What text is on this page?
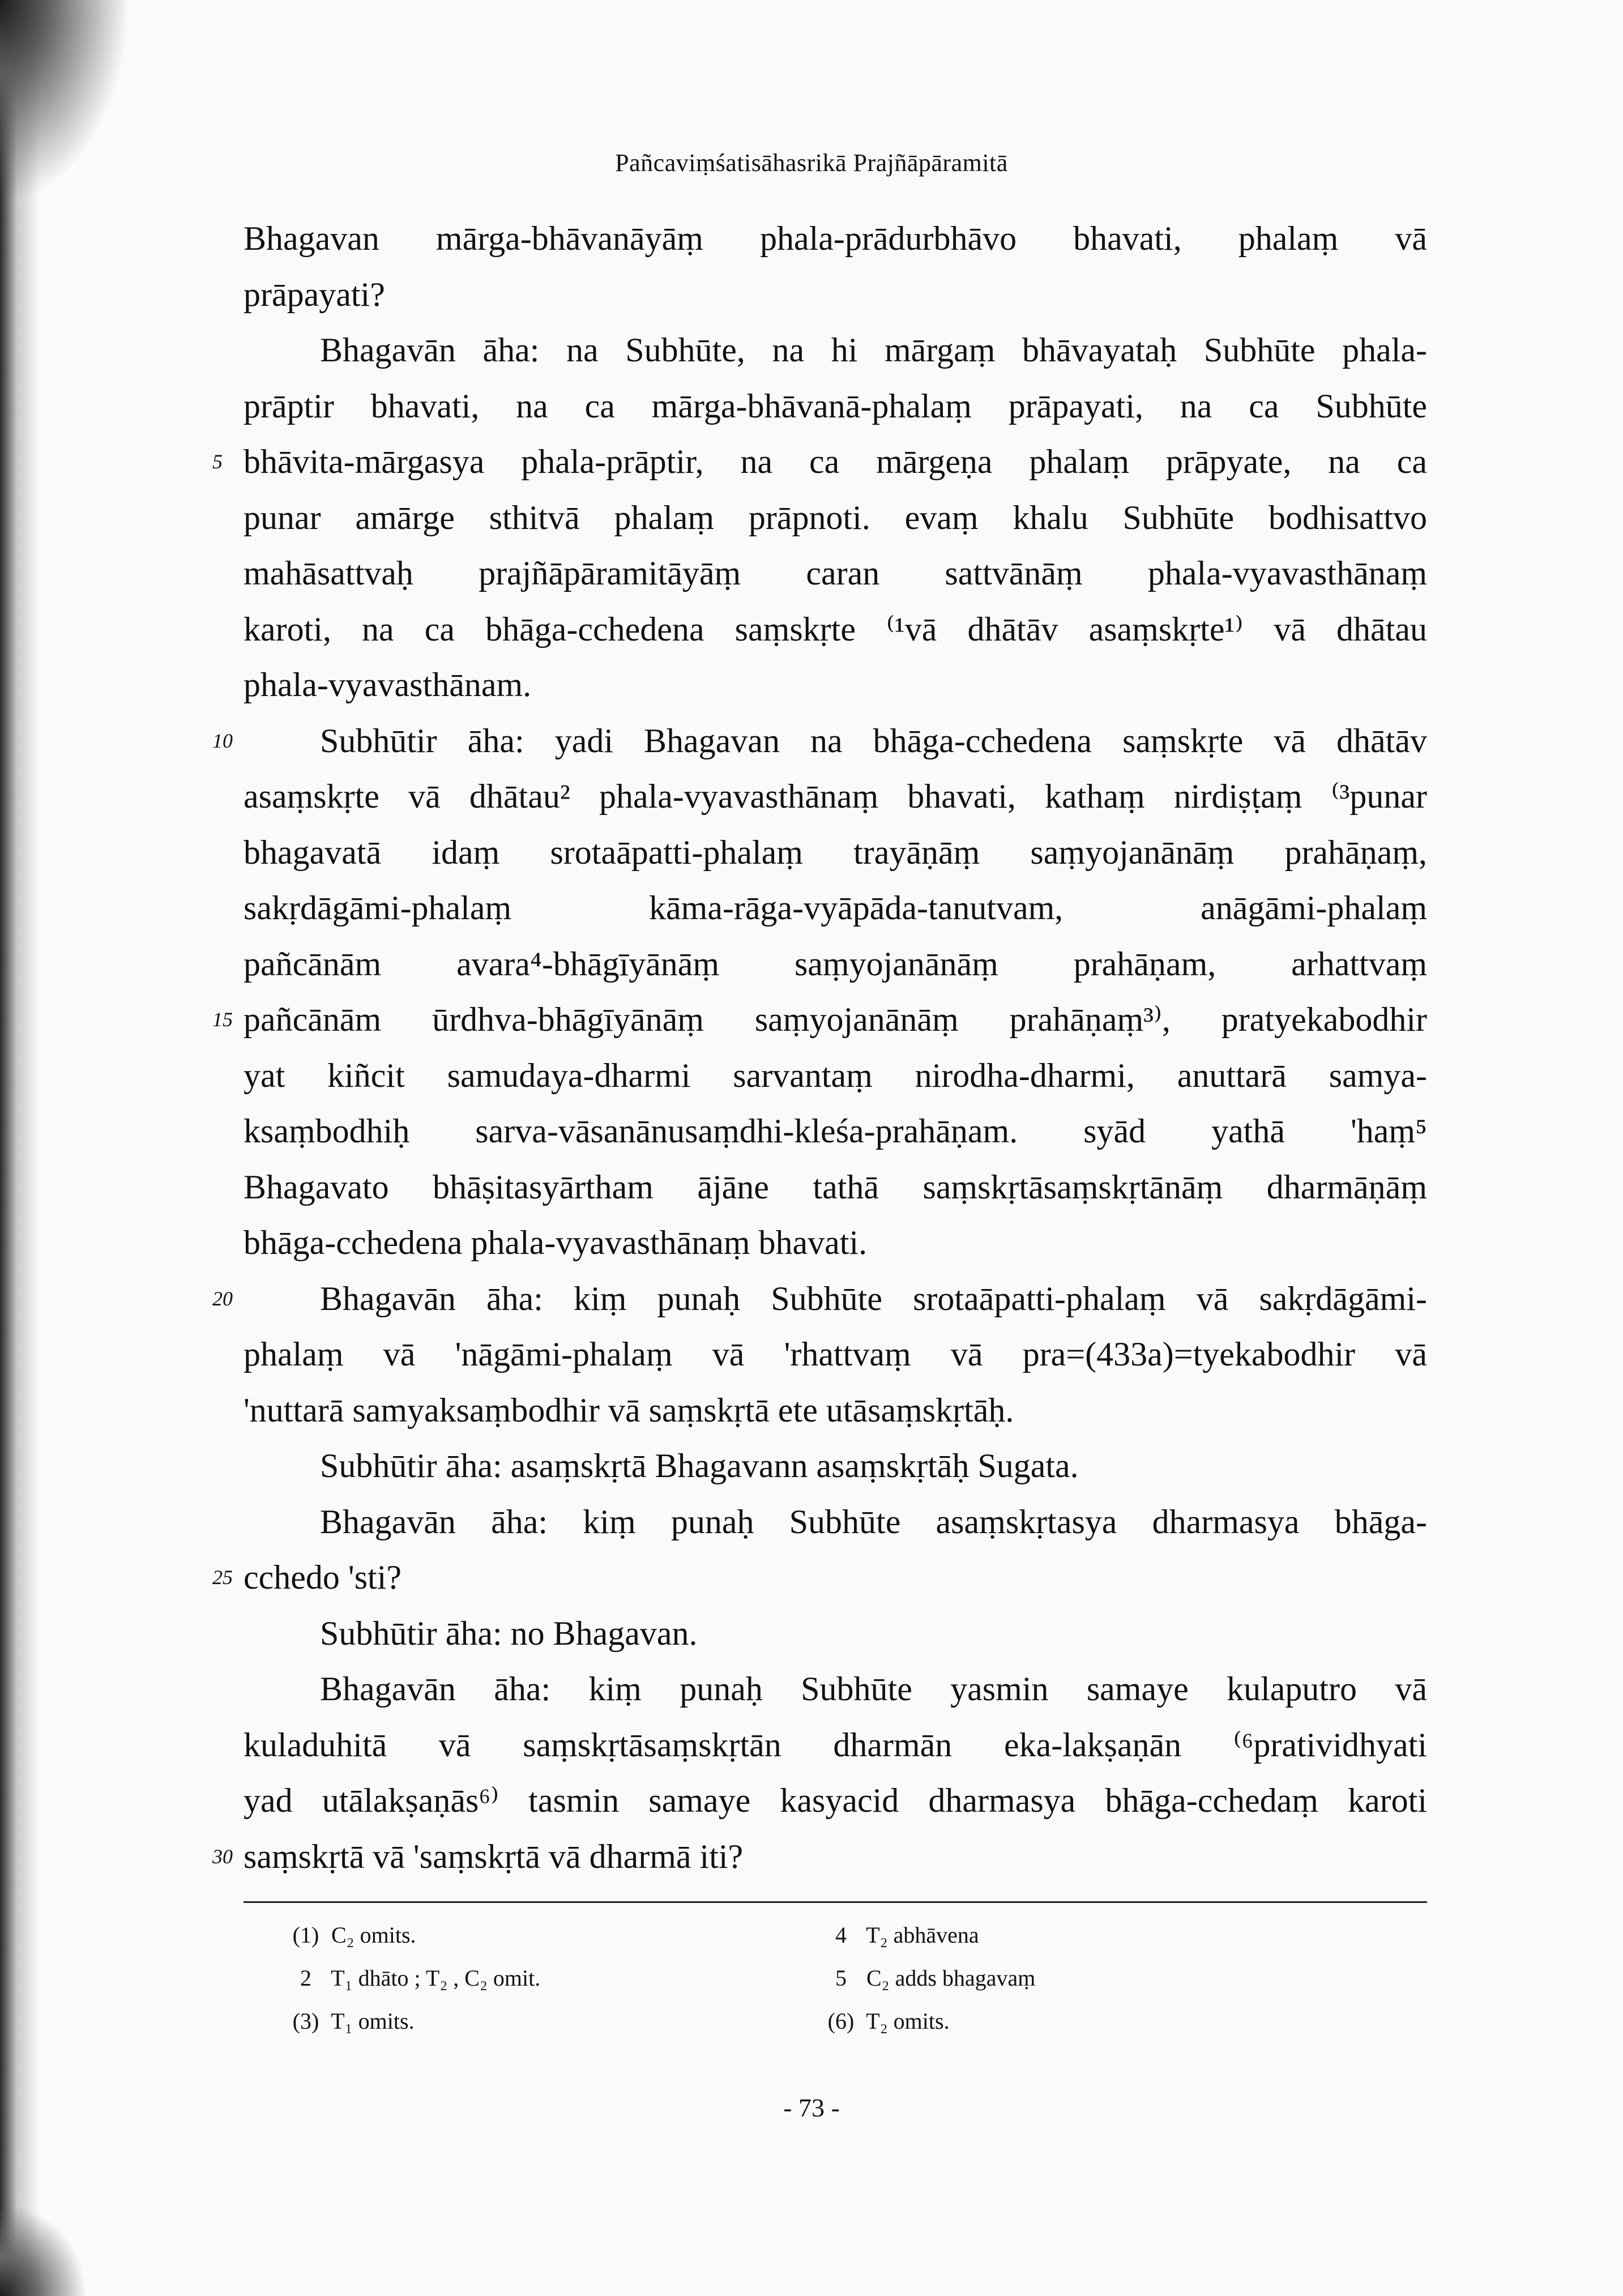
Pañcaviṃśatisāhasrikā Prajñāpāramitā
Bhagavan mārga-bhāvanāyāṃ phala-prādurbhāvo bhavati, phalaṃ vā
prāpayati?
Bhagavān āha: na Subhūte, na hi mārgaṃ bhāvayataḥ Subhūte phala-
prāptir bhavati, na ca mārga-bhāvanā-phalaṃ prāpayati, na ca Subhūte
5 bhāvita-mārgasya phala-prāptir, na ca mārgeṇa phalaṃ prāpyate, na ca
punar amārge sthitvā phalaṃ prāpnoti. evaṃ khalu Subhūte bodhisattvo
mahāsattvaḥ prajñāpāramitāyāṃ caran sattvānāṃ phala-vyavasthānaṃ
karoti, na ca bhāga-cchedena saṃskṛte ⁽¹vā dhātāv asaṃskṛte¹⁾ vā dhātau
phala-vyavasthānam.
10	Subhūtir āha: yadi Bhagavan na bhāga-cchedena saṃskṛte vā dhātāv
asaṃskṛte vā dhātau² phala-vyavasthānaṃ bhavati, kathaṃ nirdiṣṭaṃ ⁽³punar
bhagavatā idaṃ srotaāpatti-phalaṃ trayāṇāṃ saṃyojanānāṃ prahāṇaṃ,
sakṛdāgāmi-phalaṃ kāma-rāga-vyāpāda-tanutvam, anāgāmi-phalaṃ
pañcānām avara⁴-bhāgīyānāṃ saṃyojanānāṃ prahāṇam, arhattvaṃ
15 pañcānām ūrdhva-bhāgīyānāṃ saṃyojanānāṃ prahāṇaṃ³⁾, pratyekabodhir
yat kiñcit samudaya-dharmi sarvantaṃ nirodha-dharmi, anuttarā samya-
ksaṃbodhiḥ sarva-vāsanānusaṃdhi-kleśa-prahāṇam. syād yathā 'haṃ⁵
Bhagavato bhāṣitasyārtham ājāne tathā saṃskṛtāsaṃskṛtānāṃ dharmāṇāṃ
bhāga-cchedena phala-vyavasthānaṃ bhavati.
20	Bhagavān āha: kiṃ punaḥ Subhūte srotaāpatti-phalaṃ vā sakṛdāgāmi-
phalaṃ vā 'nāgāmi-phalaṃ vā 'rhattvaṃ vā pra=(433a)=tyekabodhir vā
'nuttarā samyaksaṃbodhir vā saṃskṛtā ete utāsaṃskṛtāḥ.
Subhūtir āha: asaṃskṛtā Bhagavann asaṃskṛtāḥ Sugata.
Bhagavān āha: kiṃ punaḥ Subhūte asaṃskṛtasya dharmasya bhāga-
25 cchedo 'sti?
Subhūtir āha: no Bhagavan.
Bhagavān āha: kiṃ punaḥ Subhūte yasmin samaye kulaputro vā
kuladuhitā vā saṃskṛtāsaṃskṛtān dharmān eka-lakṣaṇān ⁽⁶pratividhyati
yad utālakṣaṇās⁶⁾ tasmin samaye kasyacid dharmasya bhāga-cchedaṃ karoti
30 saṃskṛtā vā 'saṃskṛtā vā dharmā iti?
(1) C₂ omits.
2 T₁ dhāto ; T₂ , C₂ omit.
(3) T₁ omits.
4 T₂ abhāvena
5 C₂ adds bhagavaṃ
(6) T₂ omits.
- 73 -
